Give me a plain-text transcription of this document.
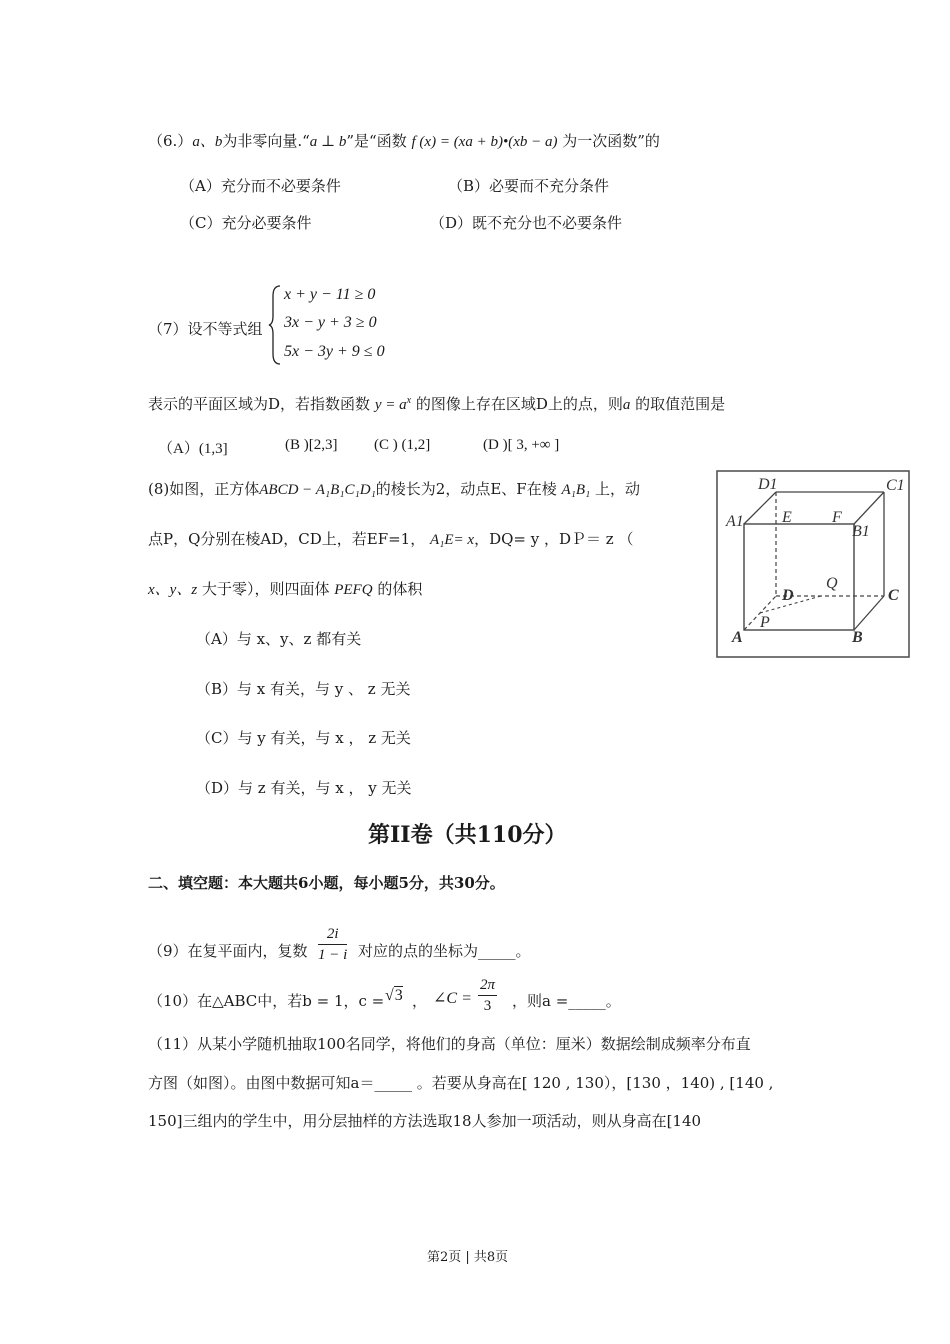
（6.）a、b为非零向量.“a ⊥ b”是“函数 f (x) = (xa + b)•(xb − a) 为一次函数”的
（A）充分而不必要条件	（B）必要而不充分条件
（C）充分必要条件	（D）既不充分也不必要条件
（7）设不等式组
x + y − 11 ≥ 0
3x − y + 3 ≥ 0
5x − 3y + 9 ≤ 0
表示的平面区域为D，若指数函数 $y = a^x$ 的图像上存在区域D上的点，则a 的取值范围是
（A）(1,3]	(B )[2,3] (C ) (1,2]	(D )[ 3, +∞ ]
(8)如图，正方体ABCD − A₁B₁C₁D₁的棱长为2，动点E、F在棱 A₁B₁ 上，动
点P，Q分别在棱AD，CD上，若EF=1， A₁E= x，DQ= y ，DＰ＝ z （
x、y、z 大于零），则四面体 PEFQ 的体积
（A）与 x、y、z 都有关
（B）与 x 有关，与 y 、 z 无关
（C）与 y 有关，与 x ， z 无关
（D）与 z 有关，与 x ， y 无关
D1	C1
A1 E	F
B1
D
Q
C
A
P
B
第II卷（共110分）
二、填空题：本大题共6小题，每小题5分，共30分。
（9）在复平面内，复数 $\frac{2i}{1 - i}$ 对应的点的坐标为_____。
（10）在△ABC中，若b = 1，c = √3 ， ∠C = $\frac{2\pi}{3}$ ，则a =_____。
（11）从某小学随机抽取100名同学，将他们的身高（单位：厘米）数据绘制成频率分布直
方图（如图）。由图中数据可知a＝_____ 。若要从身高在[ 120 , 130），[130 ，140) , [140 ,
150]三组内的学生中，用分层抽样的方法选取18人参加一项活动，则从身高在[140
第2页 | 共8页
